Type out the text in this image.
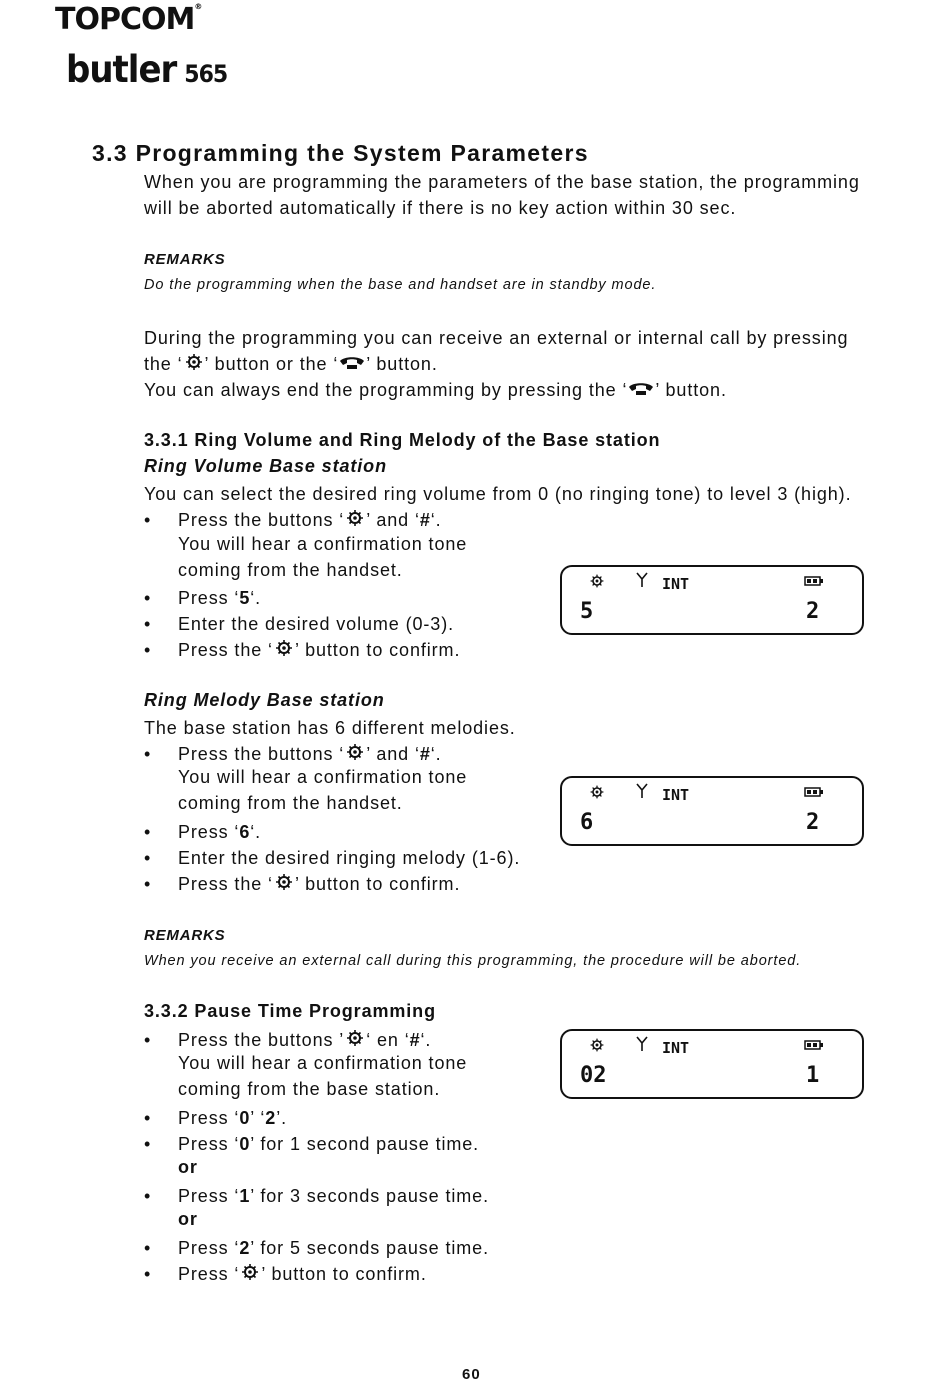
TOPCOM®
butler 565
3.3 Programming the System Parameters
When you are programming the parameters of the base station, the programming
will be aborted automatically if there is no key action within 30 sec.
REMARKS
Do the programming when the base and handset are in standby mode.
During the programming you can receive an external or internal call by pressing
the ‘ ’ button or the ‘ ’ button.
You can always end the programming by pressing the ‘ ’ button.
3.3.1 Ring Volume and Ring Melody of the Base station
Ring Volume Base station
You can select the desired ring volume from 0 (no ringing tone) to level 3 (high).
• Press the buttons ‘ ’ and ‘#‘.
You will hear a confirmation tone
coming from the handset.
• Press ‘5‘.
• Enter the desired volume (0-3).
• Press the ‘ ’ button to confirm.
INT
5	2
Ring Melody Base station
The base station has 6 different melodies.
• Press the buttons ‘ ’ and ‘#‘.
You will hear a confirmation tone
coming from the handset.
• Press ‘6‘.
• Enter the desired ringing melody (1-6).
• Press the ‘ ’ button to confirm.
INT
6	2
REMARKS
When you receive an external call during this programming, the procedure will be aborted.
3.3.2 Pause Time Programming
• Press the buttons ’ ‘ en ‘#‘.
You will hear a confirmation tone
coming from the base station.
• Press ‘0’ ‘2’.
• Press ‘0’ for 1 second pause time.
or
• Press ‘1’ for 3 seconds pause time.
or
• Press ‘2’ for 5 seconds pause time.
• Press ‘ ’ button to confirm.
INT
02	1
60
